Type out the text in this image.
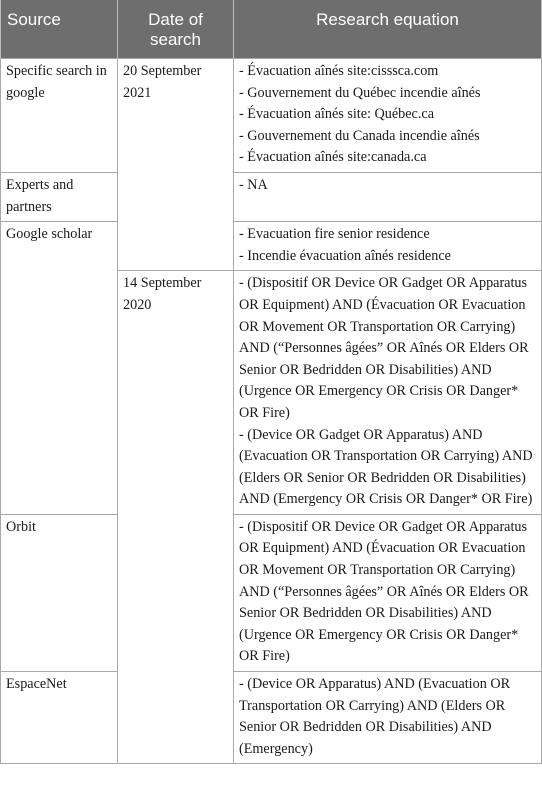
Source	Date of search	Research equation

Specific search in google	20 September 2021	- Évacuation aînés site:cisssca.com
- Gouvernement du Québec incendie aînés
- Évacuation aînés site: Québec.ca
- Gouvernement du Canada incendie aînés
- Évacuation aînés site:canada.ca

Experts and partners		- NA
Google scholar		- Evacuation fire senior residence
- Incendie évacuation aînés residence

	14 September 2020	- (Dispositif OR Device OR Gadget OR Apparatus OR Equipment) AND (Évacuation OR Evacuation OR Movement OR Transportation OR Carrying) AND (“Personnes âgées” OR Aînés OR Elders OR Senior OR Bedridden OR Disabilities) AND (Urgence OR Emergency OR Crisis OR Danger* OR Fire)
- (Device OR Gadget OR Apparatus) AND (Evacuation OR Transportation OR Carrying) AND (Elders OR Senior OR Bedridden OR Disabilities) AND (Emergency OR Crisis OR Danger* OR Fire)

Orbit		- (Dispositif OR Device OR Gadget OR Apparatus OR Equipment) AND (Évacuation OR Evacuation OR Movement OR Transportation OR Carrying) AND (“Personnes âgées” OR Aînés OR Elders OR Senior OR Bedridden OR Disabilities) AND (Urgence OR Emergency OR Crisis OR Danger* OR Fire)
EspaceNet		- (Device OR Apparatus) AND (Evacuation OR Transportation OR Carrying) AND (Elders OR Senior OR Bedridden OR Disabilities) AND (Emergency)
